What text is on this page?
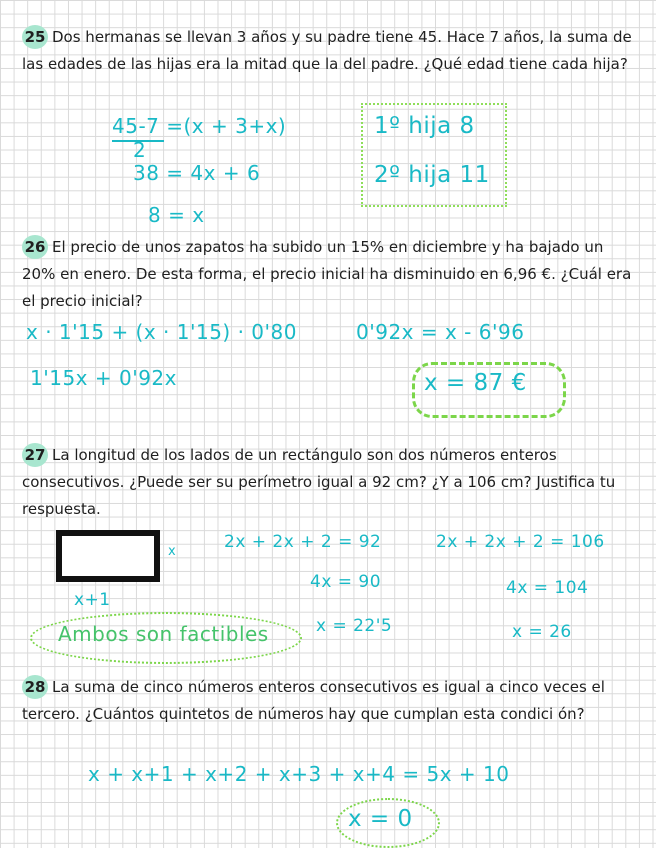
25 Dos hermanas se llevan 3 años y su padre tiene 45. Hace 7 años, la suma de las edades de las hijas era la mitad que la del padre. ¿Qué edad tiene cada hija?
45-7 =(x + 3+x)
2
38 = 4x + 6
8 = x
1º hija 8
2º hija 11
26 El precio de unos zapatos ha subido un 15% en diciembre y ha bajado un 20% en enero. De esta forma, el precio inicial ha disminuido en 6,96 €. ¿Cuál era el precio inicial?
x · 1'15 + (x · 1'15) · 0'80
1'15x + 0'92x
0'92x = x - 6'96
x = 87 €
27 La longitud de los lados de un rectángulo son dos números enteros consecutivos. ¿Puede ser su perímetro igual a 92 cm? ¿Y a 106 cm? Justifica tu respuesta.
x
x+1
2x + 2x + 2 = 92
4x = 90
x = 22'5
2x + 2x + 2 = 106
4x = 104
x = 26
Ambos son factibles
28 La suma de cinco números enteros consecutivos es igual a cinco veces el tercero. ¿Cuántos quintetos de números hay que cumplan esta condici ón?
x + x+1 + x+2 + x+3 + x+4 = 5x + 10
x = 0
